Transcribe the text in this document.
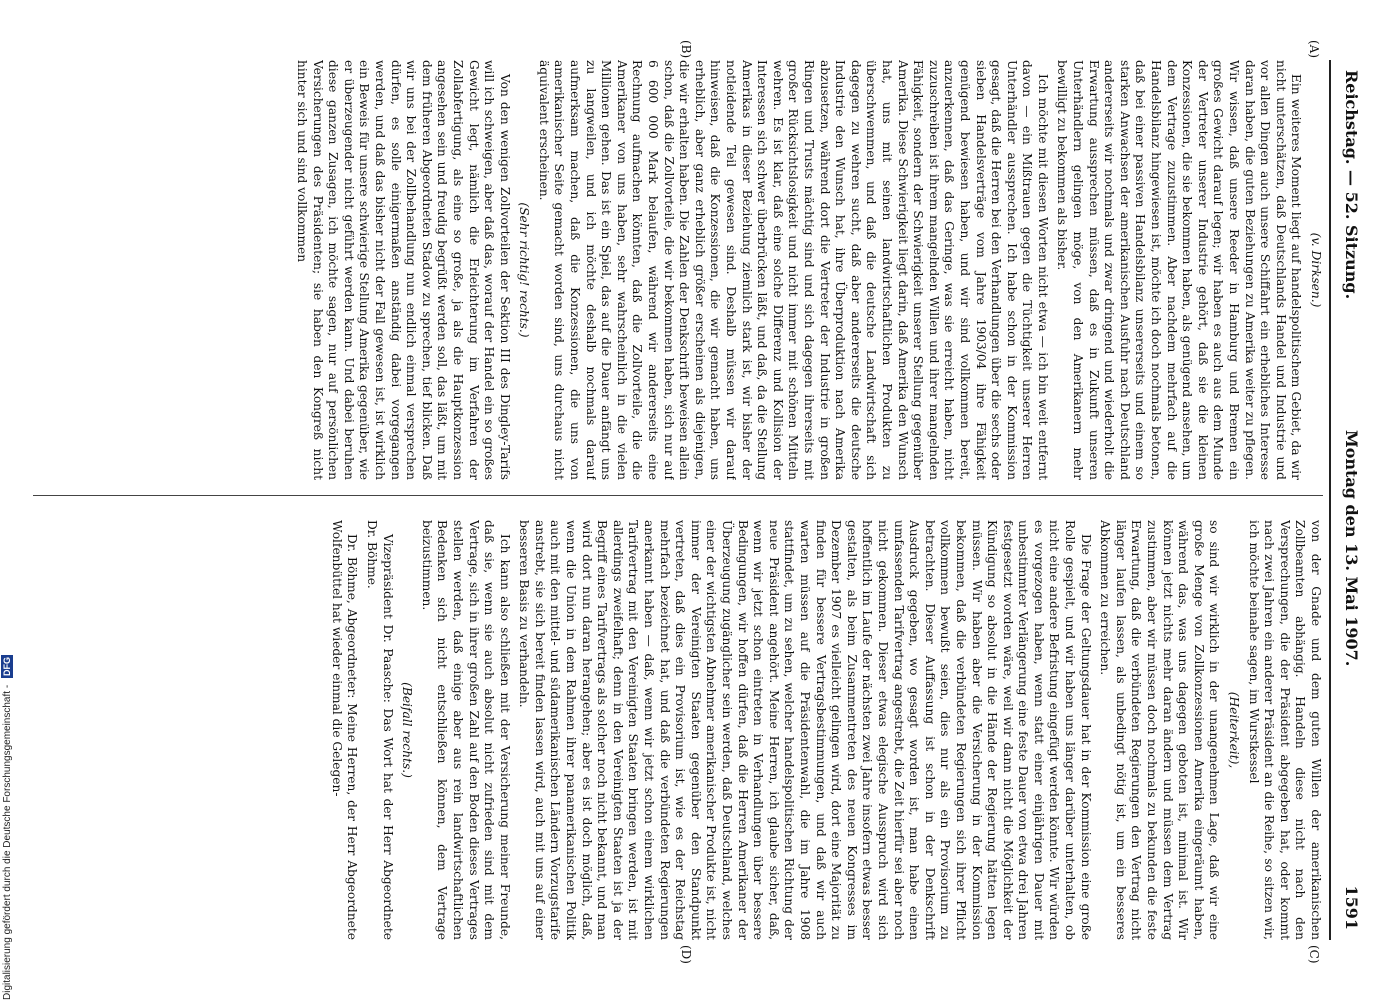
Reichstag. — 52. Sitzung.
Montag den 13. Mai 1907.
1591
(A)
(B)
(C)
(D)

(v. Dirksen.)

Ein weiteres Moment liegt auf handelspolitischem Gebiet, da wir nicht unterschätzen, daß Deutschlands Handel und Industrie und vor allen Dingen auch unsere Schiffahrt ein erhebliches Interesse daran haben, die guten Beziehungen zu Amerika weiter zu pflegen. Wir wissen, daß unsere Reeder in Hamburg und Bremen ein großes Gewicht darauf legen; wir haben es auch aus dem Munde der Vertreter unserer Industrie gehört, daß sie die kleinen Konzessionen, die sie bekommen haben, als genügend ansehen, um dem Vertrage zuzustimmen. Aber nachdem mehrfach auf die Handelsbilanz hingewiesen ist, möchte ich doch nochmals betonen, daß bei einer passiven Handelsbilanz unsererseits und einem so starken Anwachsen der amerikanischen Ausfuhr nach Deutschland andererseits wir nochmals und zwar dringend und wiederholt die Erwartung aussprechen müssen, daß es in Zukunft unseren Unterhändlern gelingen möge, von den Amerikanern mehr bewilligt zu bekommen als bisher.

Ich möchte mit diesen Worten nicht etwa — ich bin weit entfernt davon — ein Mißtrauen gegen die Tüchtigkeit unserer Herren Unterhändler aussprechen. Ich habe schon in der Kommission gesagt, daß die Herren bei den Verhandlungen über die sechs oder sieben Handelsverträge vom Jahre 1903/04 ihre Fähigkeit genügend bewiesen haben, und wir sind vollkommen bereit, anzuerkennen, daß das Geringe, was sie erreicht haben, nicht zuzuschreiben ist ihrem mangelnden Willen und ihrer mangelnden Fähigkeit, sondern der Schwierigkeit unserer Stellung gegenüber Amerika. Diese Schwierigkeit liegt darin, daß Amerika den Wunsch hat, uns mit seinen landwirtschaftlichen Produkten zu überschwemmen, und daß die deutsche Landwirtschaft sich dagegen zu wehren sucht, daß aber andererseits die deutsche Industrie den Wunsch hat, ihre Überproduktion nach Amerika abzusetzen, während dort die Vertreter der Industrie in großen Ringen und Trusts mächtig sind und sich dagegen ihrerseits mit großer Rücksichtslosigkeit und nicht immer mit schönen Mitteln wehren. Es ist klar, daß eine solche Differenz und Kollision der Interessen sich schwer überbrücken läßt, und daß, da die Stellung Amerikas in dieser Beziehung ziemlich stark ist, wir bisher der notleidende Teil gewesen sind. Deshalb müssen wir darauf hinweisen, daß die Konzessionen, die wir gemacht haben, uns erheblich, aber ganz erheblich größer erscheinen als diejenigen, die wir erhalten haben. Die Zahlen der Denkschrift beweisen allein schon, daß die Zollvorteile, die wir bekommen haben, sich nur auf 6 600 000 Mark belaufen, während wir andererseits eine Rechnung aufmachen könnten, daß die Zollvorteile, die die Amerikaner von uns haben, sehr wahrscheinlich in die vielen Millionen gehen. Das ist ein Spiel, das auf die Dauer anfängt uns zu langweilen, und ich möchte deshalb nochmals darauf aufmerksam machen, daß die Konzessionen, die uns von amerikanischer Seite gemacht worden sind, uns durchaus nicht äquivalent erscheinen.

(Sehr richtig! rechts.)

Von den wenigen Zollvorteilen der Sektion III des Dingley-Tarifs will ich schweigen, aber daß das, worauf der Handel ein so großes Gewicht legt, nämlich die Erleichterung im Verfahren der Zollabfertigung, als eine so große, ja als die Hauptkonzession angesehen sein und freudig begrüßt werden soll, das läßt, um mit dem früheren Abgeordneten Stadow zu sprechen, tief blicken. Daß wir uns bei der Zollbehandlung nun endlich einmal versprechen dürfen, es solle einigermaßen anständig dabei vorgegangen werden, und daß das bisher nicht der Fall gewesen ist, ist wirklich ein Beweis für unsere schwierige Stellung Amerika gegenüber, wie er überzeugender nicht geführt werden kann. Und dabei beruhen diese ganzen Zusagen, ich möchte sagen, nur auf persönlichen Versicherungen des Präsidenten; sie haben den Kongreß nicht hinter sich und sind vollkommen

von der Gnade und dem guten Willen der amerikanischen Zollbeamten abhängig. Handeln diese nicht nach den Versprechungen, die der Präsident abgegeben hat, oder kommt nach zwei Jahren ein anderer Präsident an die Reihe, so sitzen wir, ich möchte beinahe sagen, im Wurstkessel

(Heiterkeit),

so sind wir wirklich in der unangenehmen Lage, daß wir eine große Menge von Zollkonzessionen Amerika eingeräumt haben, während das, was uns dagegen geboten ist, minimal ist. Wir können jetzt nichts mehr daran ändern und müssen dem Vertrag zustimmen, aber wir müssen doch nochmals zu bekunden die feste Erwartung, daß die verbündeten Regierungen den Vertrag nicht länger laufen lassen, als unbedingt nötig ist, um ein besseres Abkommen zu erreichen.

Die Frage der Geltungsdauer hat in der Kommission eine große Rolle gespielt, und wir haben uns länger darüber unterhalten, ob nicht eine andere Befristung eingefügt werden könnte. Wir würden es vorgezogen haben, wenn statt einer einjährigen Dauer mit unbestimmter Verlängerung eine feste Dauer von etwa drei Jahren festgesetzt worden wäre, weil wir dann nicht die Möglichkeit der Kündigung so absolut in die Hände der Regierung hätten legen müssen. Wir haben aber die Versicherung in der Kommission bekommen, daß die verbündeten Regierungen sich ihrer Pflicht vollkommen bewußt seien, dies nur als ein Provisorium zu betrachten. Dieser Auffassung ist schon in der Denkschrift Ausdruck gegeben, wo gesagt worden ist, man habe einen umfassenden Tarifvertrag angestrebt, die Zeit hierfür sei aber noch nicht gekommen. Dieser etwas elegische Ausspruch wird sich hoffentlich im Laufe der nächsten zwei Jahre insofern etwas besser gestalten, als beim Zusammentreten des neuen Kongresses im Dezember 1907 es vielleicht gelingen wird, dort eine Majorität zu finden für bessere Vertragsbestimmungen, und daß wir auch warten müssen auf die Präsidentenwahl, die im Jahre 1908 stattfindet, um zu sehen, welcher handelspolitischen Richtung der neue Präsident angehört. Meine Herren, ich glaube sicher, daß, wenn wir jetzt schon eintreten in Verhandlungen über bessere Bedingungen, wir hoffen dürfen, daß die Herren Amerikaner der Überzeugung zugänglicher sein werden, daß Deutschland, welches einer der wichtigsten Abnehmer amerikanischer Produkte ist, nicht immer der Vereinigten Staaten gegenüber den Standpunkt vertreten, daß dies ein Provisorium ist, wie es der Reichstag mehrfach bezeichnet hat, und daß die verbündeten Regierungen anerkannt haben — daß, wenn wir jetzt schon einem wirklichen Tarifvertrag mit den Vereinigten Staaten bringen werden, ist mit allerdings zweifelhaft; denn in den Vereinigten Staaten ist ja der Begriff eines Tarifvertrags als solcher noch nicht bekannt, und man wird dort nun daran herangehen; aber es ist doch möglich, daß, wenn die Union in dem Rahmen ihrer panamerikanischen Politik auch mit den mittel- und südamerikanischen Ländern Vorzugstarife anstrebt, sie sich bereit finden lassen wird, auch mit uns auf einer besseren Basis zu verhandeln.

Ich kann also schließen mit der Versicherung meiner Freunde, daß sie, wenn sie auch absolut nicht zufrieden sind mit dem Vertrage, sich in ihrer großen Zahl auf den Boden dieses Vertrages stellen werden, daß einige aber aus rein landwirtschaftlichen Bedenken sich nicht entschließen können, dem Vertrage beizustimmen.

(Beifall rechts.)

Vizepräsident Dr. Paasche: Das Wort hat der Herr Abgeordnete Dr. Böhme.

Dr. Böhme, Abgeordneter: Meine Herren, der Herr Abgeordnete Wolfenbüttel hat wieder einmal die Gelegen-

Digitalisierung gefördert durch die Deutsche Forschungsgemeinschaft - DFG
